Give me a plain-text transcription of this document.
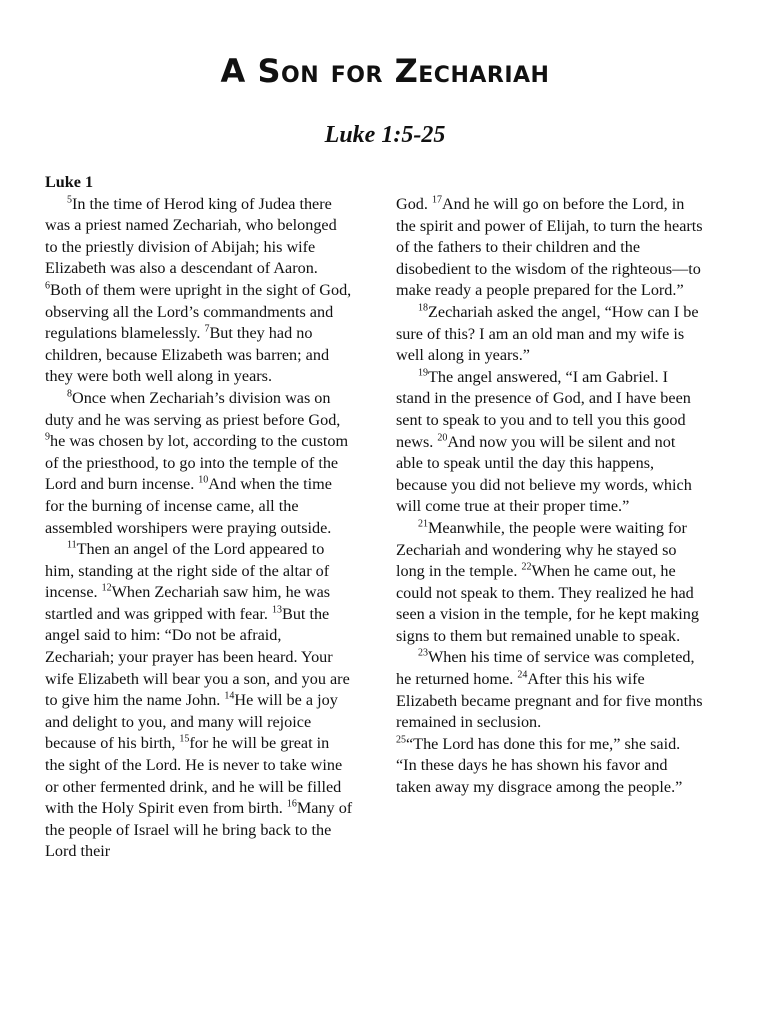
A Son for Zechariah
Luke 1:5-25
Luke 1

$^5$In the time of Herod king of Judea there was a priest named Zechariah, who belonged to the priestly division of Abijah; his wife Elizabeth was also a descendant of Aaron. $^6$Both of them were upright in the sight of God, observing all the Lord’s commandments and regulations blamelessly. $^7$But they had no children, because Elizabeth was barren; and they were both well along in years.

$^8$Once when Zechariah’s division was on duty and he was serving as priest before God, $^9$he was chosen by lot, according to the custom of the priesthood, to go into the temple of the Lord and burn incense. $^{10}$And when the time for the burning of incense came, all the assembled worshipers were praying outside.

$^{11}$Then an angel of the Lord appeared to him, standing at the right side of the altar of incense. $^{12}$When Zechariah saw him, he was startled and was gripped with fear. $^{13}$But the angel said to him: “Do not be afraid, Zechariah; your prayer has been heard. Your wife Elizabeth will bear you a son, and you are to give him the name John. $^{14}$He will be a joy and delight to you, and many will rejoice because of his birth, $^{15}$for he will be great in the sight of the Lord. He is never to take wine or other fermented drink, and he will be filled with the Holy Spirit even from birth. $^{16}$Many of the people of Israel will he bring back to the Lord their

God. $^{17}$And he will go on before the Lord, in the spirit and power of Elijah, to turn the hearts of the fathers to their children and the disobedient to the wisdom of the righteous—to make ready a people prepared for the Lord.”

$^{18}$Zechariah asked the angel, “How can I be sure of this? I am an old man and my wife is well along in years.”

$^{19}$The angel answered, “I am Gabriel. I stand in the presence of God, and I have been sent to speak to you and to tell you this good news. $^{20}$And now you will be silent and not able to speak until the day this happens, because you did not believe my words, which will come true at their proper time.”

$^{21}$Meanwhile, the people were waiting for Zechariah and wondering why he stayed so long in the temple. $^{22}$When he came out, he could not speak to them. They realized he had seen a vision in the temple, for he kept making signs to them but remained unable to speak.

$^{23}$When his time of service was completed, he returned home. $^{24}$After this his wife Elizabeth became pregnant and for five months remained in seclusion.

$^{25}$“The Lord has done this for me,” she said. “In these days he has shown his favor and taken away my disgrace among the people.”
